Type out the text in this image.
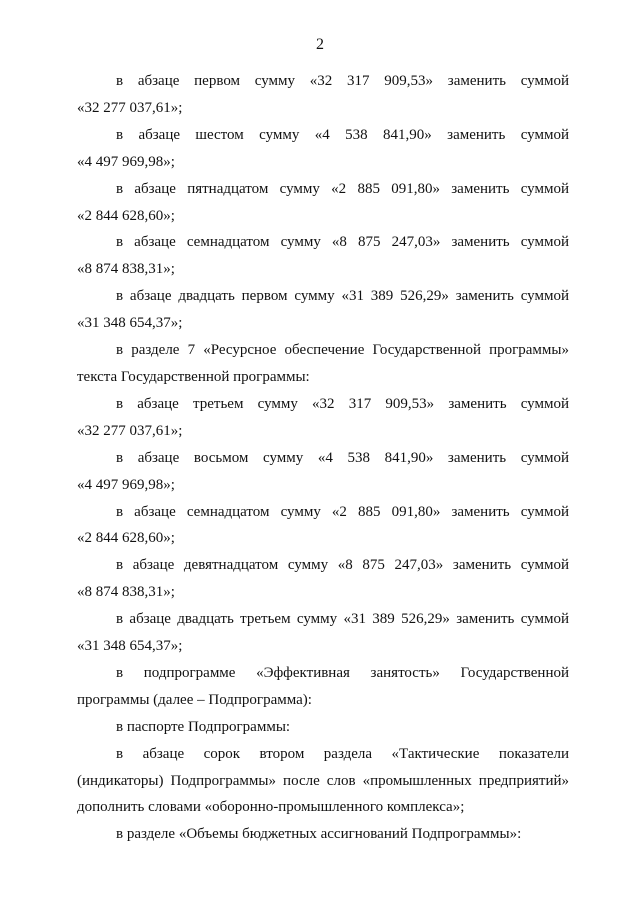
2
в абзаце первом сумму «32 317 909,53» заменить суммой
«32 277 037,61»;
в абзаце шестом сумму «4 538 841,90» заменить суммой
«4 497 969,98»;
в абзаце пятнадцатом сумму «2 885 091,80» заменить суммой
«2 844 628,60»;
в абзаце семнадцатом сумму «8 875 247,03» заменить суммой
«8 874 838,31»;
в абзаце двадцать первом сумму «31 389 526,29» заменить суммой
«31 348 654,37»;
в разделе 7 «Ресурсное обеспечение Государственной программы»
текста Государственной программы:
в абзаце третьем сумму «32 317 909,53» заменить суммой
«32 277 037,61»;
в абзаце восьмом сумму «4 538 841,90» заменить суммой
«4 497 969,98»;
в абзаце семнадцатом сумму «2 885 091,80» заменить суммой
«2 844 628,60»;
в абзаце девятнадцатом сумму «8 875 247,03» заменить суммой
«8 874 838,31»;
в абзаце двадцать третьем сумму «31 389 526,29» заменить суммой
«31 348 654,37»;
в подпрограмме «Эффективная занятость» Государственной
программы (далее – Подпрограмма):
в паспорте Подпрограммы:
в абзаце сорок втором раздела «Тактические показатели
(индикаторы) Подпрограммы» после слов «промышленных предприятий»
дополнить словами «оборонно-промышленного комплекса»;
в разделе «Объемы бюджетных ассигнований Подпрограммы»:
